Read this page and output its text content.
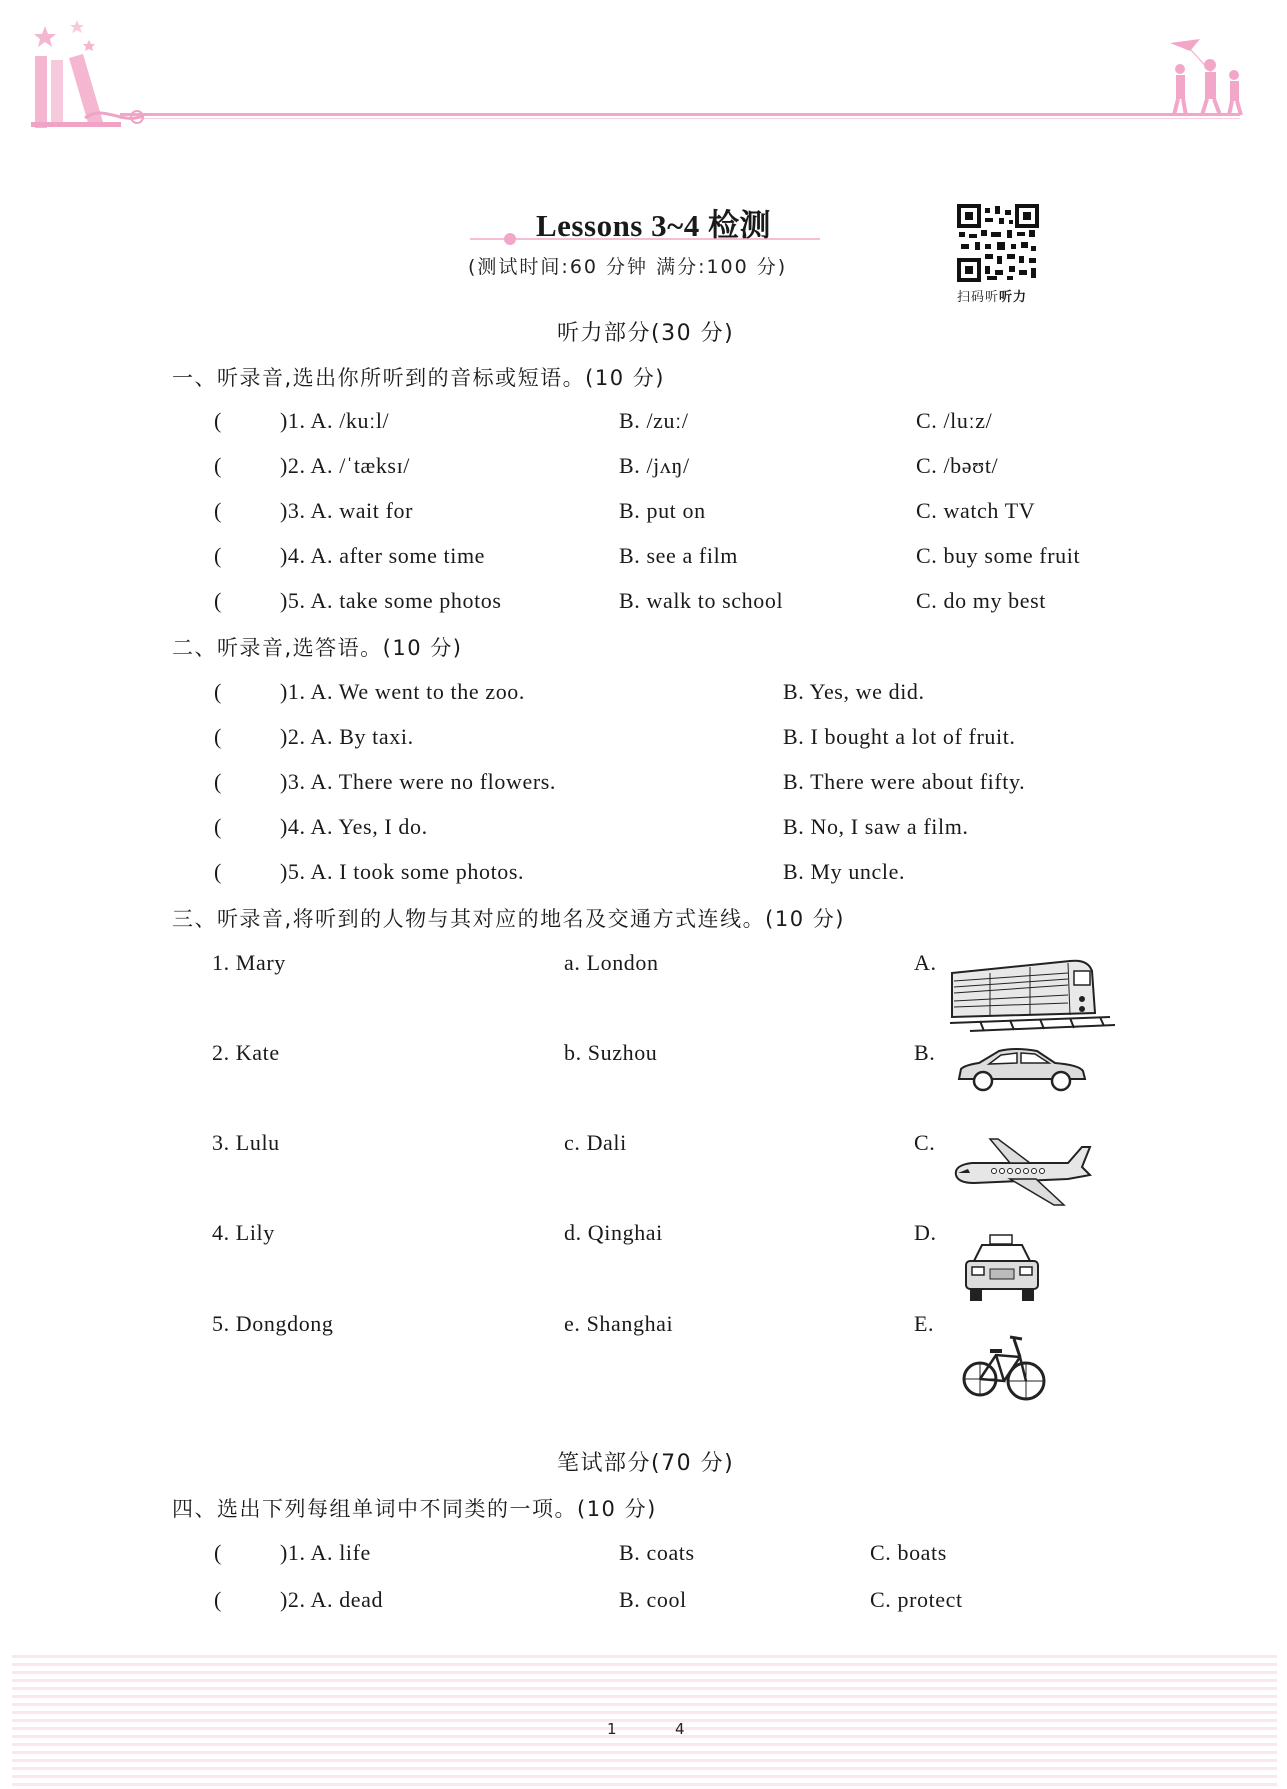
Lessons 3~4 检测
(测试时间:60 分钟 满分:100 分)
扫码听听力
听力部分(30 分)
一、听录音,选出你所听到的音标或短语。(10 分)
(	)1. A. /kuːl/	B. /zuː/	C. /luːz/
(	)2. A. /ˈtæksɪ/	B. /jʌŋ/	C. /bəʊt/
(	)3. A. wait for	B. put on	C. watch TV
(	)4. A. after some time	B. see a film	C. buy some fruit
(	)5. A. take some photos	B. walk to school	C. do my best
二、听录音,选答语。(10 分)
(	)1. A. We went to the zoo.	B. Yes, we did.
(	)2. A. By taxi.	B. I bought a lot of fruit.
(	)3. A. There were no flowers.	B. There were about fifty.
(	)4. A. Yes, I do.	B. No, I saw a film.
(	)5. A. I took some photos.	B. My uncle.
三、听录音,将听到的人物与其对应的地名及交通方式连线。(10 分)
1. Mary	a. London	A.
2. Kate	b. Suzhou	B.
3. Lulu	c. Dali	C.
4. Lily	d. Qinghai	D.
5. Dongdong	e. Shanghai	E.
笔试部分(70 分)
四、选出下列每组单词中不同类的一项。(10 分)
(	)1. A. life	B. coats	C. boats
(	)2. A. dead	B. cool	C. protect
1	4
